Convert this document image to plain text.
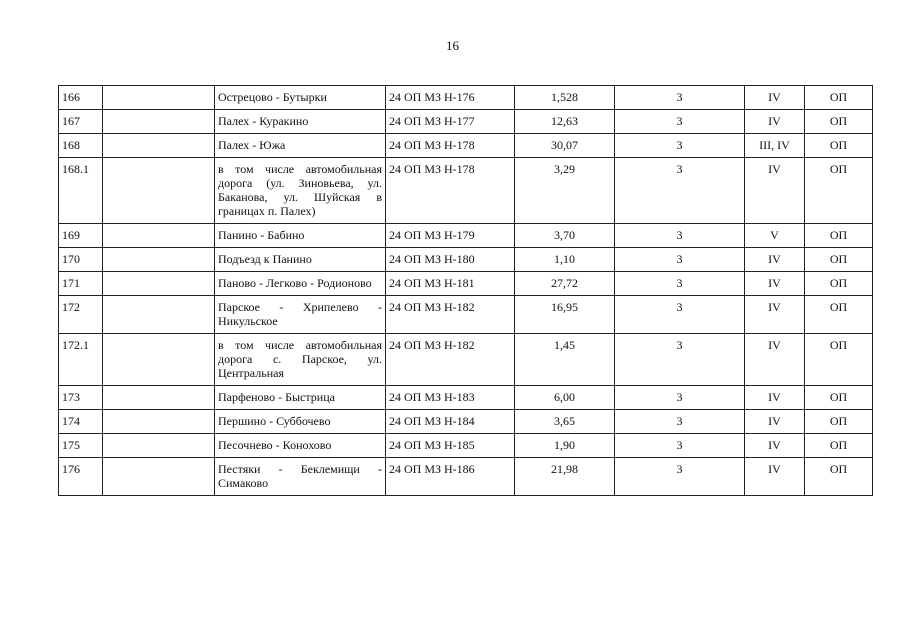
16
166		Острецово - Бутырки	24 ОП МЗ Н-176	1,528	3	IV	ОП	
167		Палех - Куракино	24 ОП МЗ Н-177	12,63	3	IV	ОП	
168		Палех - Южа	24 ОП МЗ Н-178	30,07	3	III, IV	ОП	
168.1		в том числе автомобильная дорога (ул. Зиновьева, ул. Баканова, ул. Шуйская в границах п. Палех)	24 ОП МЗ Н-178	3,29	3	IV	ОП	
169		Панино - Бабино	24 ОП МЗ Н-179	3,70	3	V	ОП	
170		Подъезд к Панино	24 ОП МЗ Н-180	1,10	3	IV	ОП	
171		Паново - Легково - Родионово	24 ОП МЗ Н-181	27,72	3	IV	ОП	
172		Парское - Хрипелево - Никульское	24 ОП МЗ Н-182	16,95	3	IV	ОП	
172.1		в том числе автомобильная дорога с. Парское, ул. Центральная	24 ОП МЗ Н-182	1,45	3	IV	ОП	
173		Парфеново - Быстрица	24 ОП МЗ Н-183	6,00	3	IV	ОП	
174		Першино - Суббочево	24 ОП МЗ Н-184	3,65	3	IV	ОП	
175		Песочнево - Конохово	24 ОП МЗ Н-185	1,90	3	IV	ОП	
176		Пестяки - Беклемищи - Симаково	24 ОП МЗ Н-186	21,98	3	IV	ОП	
